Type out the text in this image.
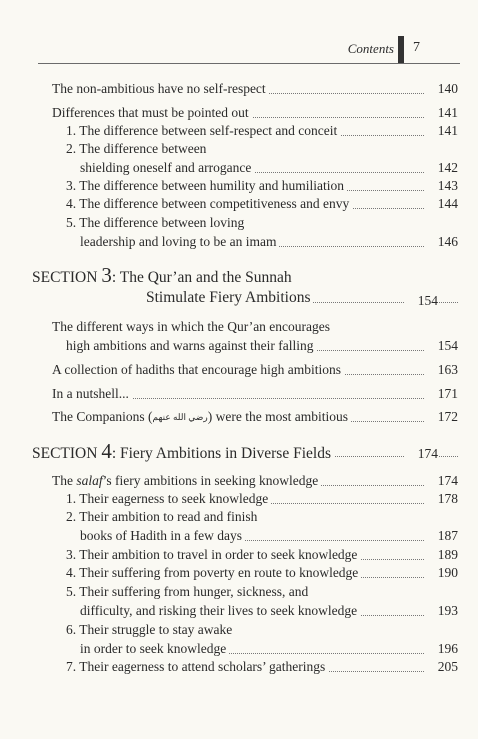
Contents 7
The non-ambitious have no self-respect	140
Differences that must be pointed out	141
1. The difference between self-respect and conceit	141
2. The difference between
shielding oneself and arrogance	142
3. The difference between humility and humiliation	143
4. The difference between competitiveness and envy	144
5. The difference between loving
leadership and loving to be an imam	146
SECTION 3: The Qur’an and the Sunnah
Stimulate Fiery Ambitions	154
The different ways in which the Qur’an encourages
high ambitions and warns against their falling	154
A collection of hadiths that encourage high ambitions	163
In a nutshell...	171
The Companions (رضي الله عنهم) were the most ambitious	172
SECTION 4: Fiery Ambitions in Diverse Fields	174
The salaf’s fiery ambitions in seeking knowledge	174
1. Their eagerness to seek knowledge	178
2. Their ambition to read and finish
books of Hadith in a few days	187
3. Their ambition to travel in order to seek knowledge	189
4. Their suffering from poverty en route to knowledge	190
5. Their suffering from hunger, sickness, and
difficulty, and risking their lives to seek knowledge	193
6. Their struggle to stay awake
in order to seek knowledge	196
7. Their eagerness to attend scholars’ gatherings	205
